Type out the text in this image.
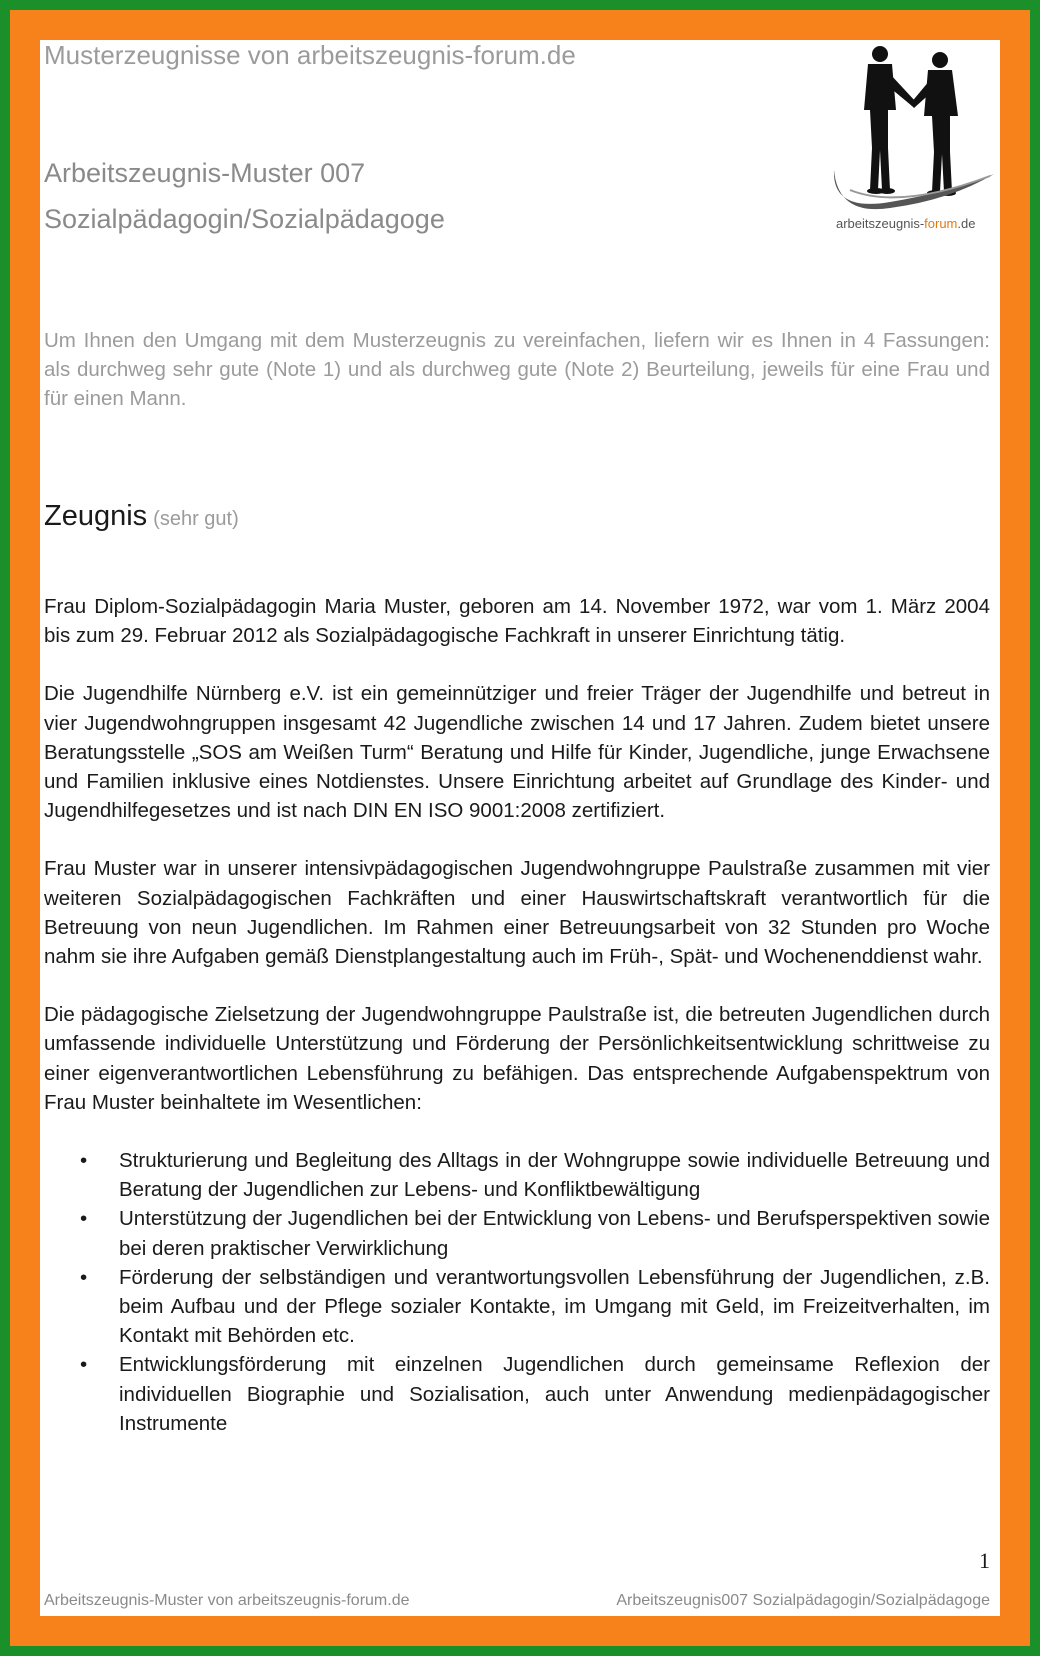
Musterzeugnisse von arbeitszeugnis-forum.de
Arbeitszeugnis-Muster 007
Sozialpädagogin/Sozialpädagoge	arbeitszeugnis-forum.de
Um Ihnen den Umgang mit dem Musterzeugnis zu vereinfachen, liefern wir es Ihnen in 4 Fassungen: als durchweg sehr gute (Note 1) und als durchweg gute (Note 2) Beurteilung, jeweils für eine Frau und für einen Mann.
Zeugnis (sehr gut)

Frau Diplom-Sozialpädagogin Maria Muster, geboren am 14. November 1972, war vom 1. März 2004 bis zum 29. Februar 2012 als Sozialpädagogische Fachkraft in unserer Einrichtung tätig.

Die Jugendhilfe Nürnberg e.V. ist ein gemeinnütziger und freier Träger der Jugendhilfe und betreut in vier Jugendwohngruppen insgesamt 42 Jugendliche zwischen 14 und 17 Jahren. Zudem bietet unsere Beratungsstelle „SOS am Weißen Turm“ Beratung und Hilfe für Kinder, Jugendliche, junge Erwachsene und Familien inklusive eines Notdienstes. Unsere Einrichtung arbeitet auf Grundlage des Kinder- und Jugendhilfegesetzes und ist nach DIN EN ISO 9001:2008 zertifiziert.

Frau Muster war in unserer intensivpädagogischen Jugendwohngruppe Paulstraße zusammen mit vier weiteren Sozialpädagogischen Fachkräften und einer Hauswirtschaftskraft verantwortlich für die Betreuung von neun Jugendlichen. Im Rahmen einer Betreuungsarbeit von 32 Stunden pro Woche nahm sie ihre Aufgaben gemäß Dienstplangestaltung auch im Früh-, Spät- und Wochenenddienst wahr.

Die pädagogische Zielsetzung der Jugendwohngruppe Paulstraße ist, die betreuten Jugendlichen durch umfassende individuelle Unterstützung und Förderung der Persönlichkeitsentwicklung schrittweise zu einer eigenverantwortlichen Lebensführung zu befähigen. Das entsprechende Aufgabenspektrum von Frau Muster beinhaltete im Wesentlichen:

• Strukturierung und Begleitung des Alltags in der Wohngruppe sowie individuelle Betreuung und Beratung der Jugendlichen zur Lebens- und Konfliktbewältigung
• Unterstützung der Jugendlichen bei der Entwicklung von Lebens- und Berufsperspektiven sowie bei deren praktischer Verwirklichung
• Förderung der selbständigen und verantwortungsvollen Lebensführung der Jugendlichen, z.B. beim Aufbau und der Pflege sozialer Kontakte, im Umgang mit Geld, im Freizeitverhalten, im Kontakt mit Behörden etc.
• Entwicklungsförderung mit einzelnen Jugendlichen durch gemeinsame Reflexion der individuellen Biographie und Sozialisation, auch unter Anwendung medienpädagogischer Instrumente
1
Arbeitszeugnis-Muster von arbeitszeugnis-forum.de	Arbeitszeugnis007 Sozialpädagogin/Sozialpädagoge
